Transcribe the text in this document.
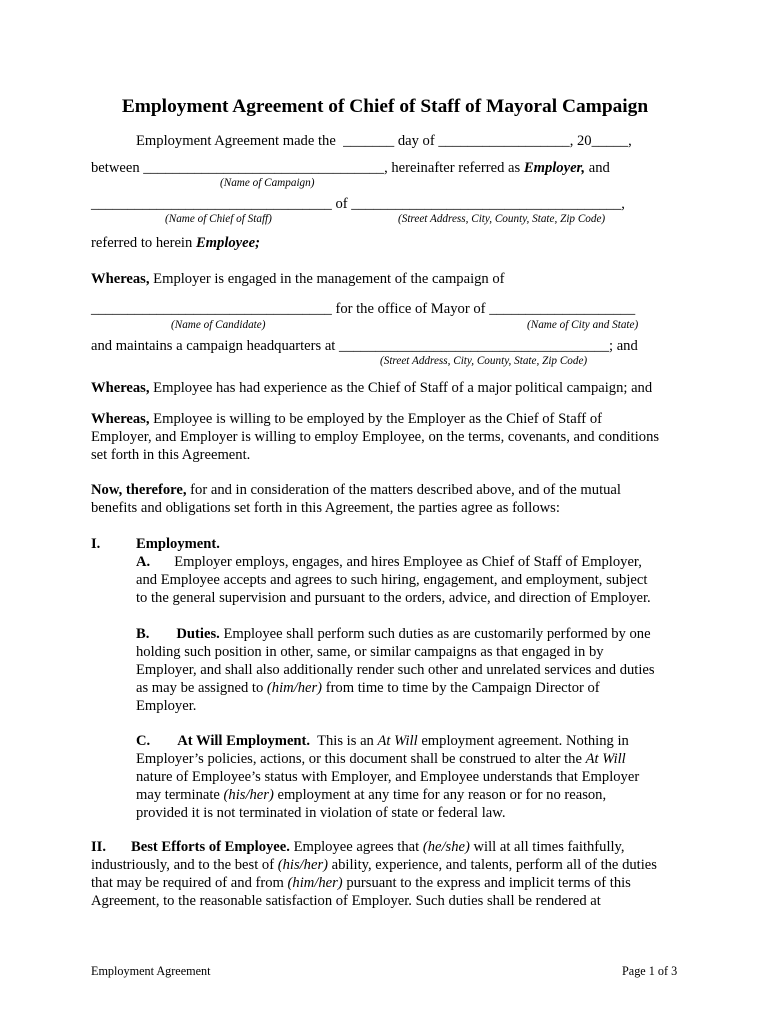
Employment Agreement of Chief of Staff of Mayoral Campaign
Employment Agreement made the _______ day of __________________, 20_____,
between _________________________________, hereinafter referred as Employer, and
(Name of Campaign)
_________________________________ of _____________________________________,
(Name of Chief of Staff)	(Street Address, City, County, State, Zip Code)
referred to herein Employee;
Whereas, Employer is engaged in the management of the campaign of
_________________________________ for the office of Mayor of ____________________
(Name of Candidate)	(Name of City and State)
and maintains a campaign headquarters at _____________________________________; and
(Street Address, City, County, State, Zip Code)
Whereas, Employee has had experience as the Chief of Staff of a major political campaign; and
Whereas, Employee is willing to be employed by the Employer as the Chief of Staff of
Employer, and Employer is willing to employ Employee, on the terms, covenants, and conditions
set forth in this Agreement.
Now, therefore, for and in consideration of the matters described above, and of the mutual
benefits and obligations set forth in this Agreement, the parties agree as follows:
I. Employment.
A. Employer employs, engages, and hires Employee as Chief of Staff of Employer,
and Employee accepts and agrees to such hiring, engagement, and employment, subject
to the general supervision and pursuant to the orders, advice, and direction of Employer.
B. Duties. Employee shall perform such duties as are customarily performed by one
holding such position in other, same, or similar campaigns as that engaged in by
Employer, and shall also additionally render such other and unrelated services and duties
as may be assigned to (him/her) from time to time by the Campaign Director of
Employer.
C. At Will Employment. This is an At Will employment agreement. Nothing in
Employer’s policies, actions, or this document shall be construed to alter the At Will
nature of Employee’s status with Employer, and Employee understands that Employer
may terminate (his/her) employment at any time for any reason or for no reason,
provided it is not terminated in violation of state or federal law.
II. Best Efforts of Employee. Employee agrees that (he/she) will at all times faithfully,
industriously, and to the best of (his/her) ability, experience, and talents, perform all of the duties
that may be required of and from (him/her) pursuant to the express and implicit terms of this
Agreement, to the reasonable satisfaction of Employer. Such duties shall be rendered at
Employment Agreement	Page 1 of 3
